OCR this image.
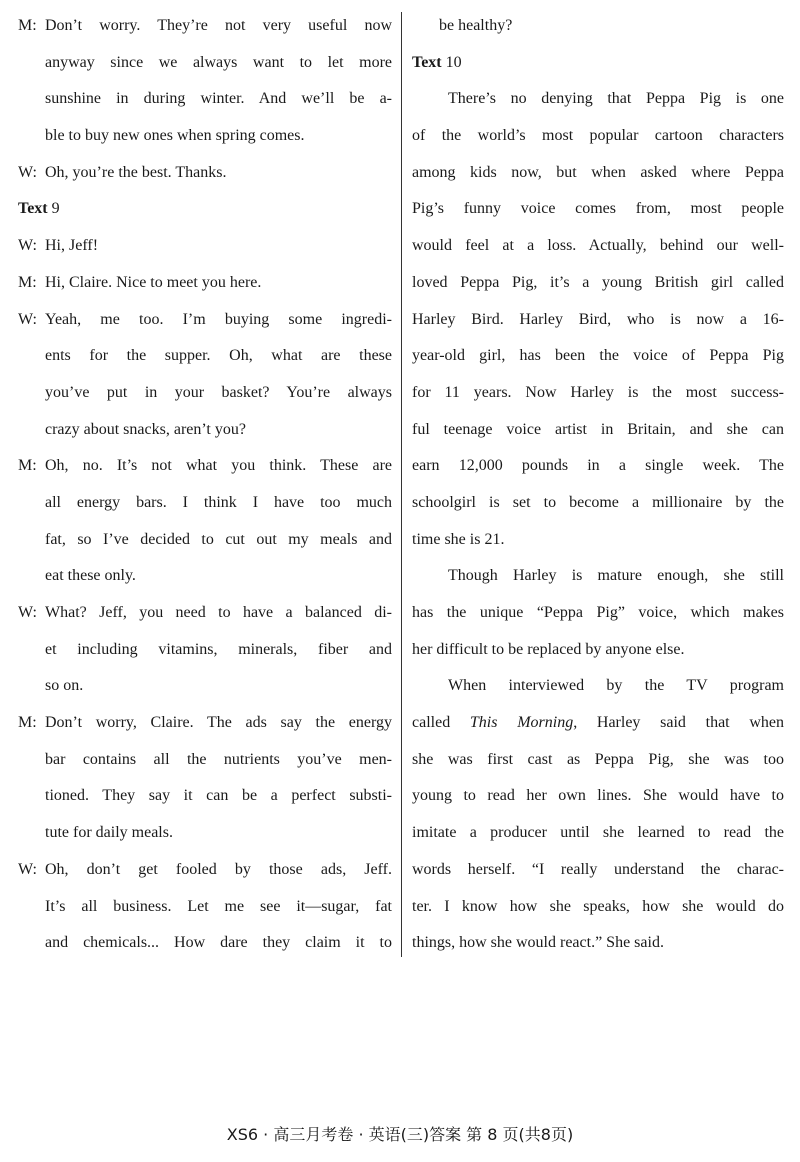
M: Don’t worry. They’re not very useful now
anyway since we always want to let more
sunshine in during winter. And we’ll be a-
ble to buy new ones when spring comes.
W: Oh, you’re the best. Thanks.
Text 9
W: Hi, Jeff!
M: Hi, Claire. Nice to meet you here.
W: Yeah, me too. I’m buying some ingredi-
ents for the supper. Oh, what are these
you’ve put in your basket? You’re always
crazy about snacks, aren’t you?
M: Oh, no. It’s not what you think. These are
all energy bars. I think I have too much
fat, so I’ve decided to cut out my meals and
eat these only.
W: What? Jeff, you need to have a balanced di-
et including vitamins, minerals, fiber and
so on.
M: Don’t worry, Claire. The ads say the energy
bar contains all the nutrients you’ve men-
tioned. They say it can be a perfect substi-
tute for daily meals.
W: Oh, don’t get fooled by those ads, Jeff.
It’s all business. Let me see it—sugar, fat
and chemicals... How dare they claim it to
be healthy?
Text 10
There’s no denying that Peppa Pig is one
of the world’s most popular cartoon characters
among kids now, but when asked where Peppa
Pig’s funny voice comes from, most people
would feel at a loss. Actually, behind our well-
loved Peppa Pig, it’s a young British girl called
Harley Bird. Harley Bird, who is now a 16-
year-old girl, has been the voice of Peppa Pig
for 11 years. Now Harley is the most success-
ful teenage voice artist in Britain, and she can
earn 12,000 pounds in a single week. The
schoolgirl is set to become a millionaire by the
time she is 21.
Though Harley is mature enough, she still
has the unique “Peppa Pig” voice, which makes
her difficult to be replaced by anyone else.
When interviewed by the TV program
called This Morning, Harley said that when
she was first cast as Peppa Pig, she was too
young to read her own lines. She would have to
imitate a producer until she learned to read the
words herself. “I really understand the charac-
ter. I know how she speaks, how she would do
things, how she would react.” She said.
XS6 · 高三月考卷 · 英语(三)答案 第 8 页(共8页)
